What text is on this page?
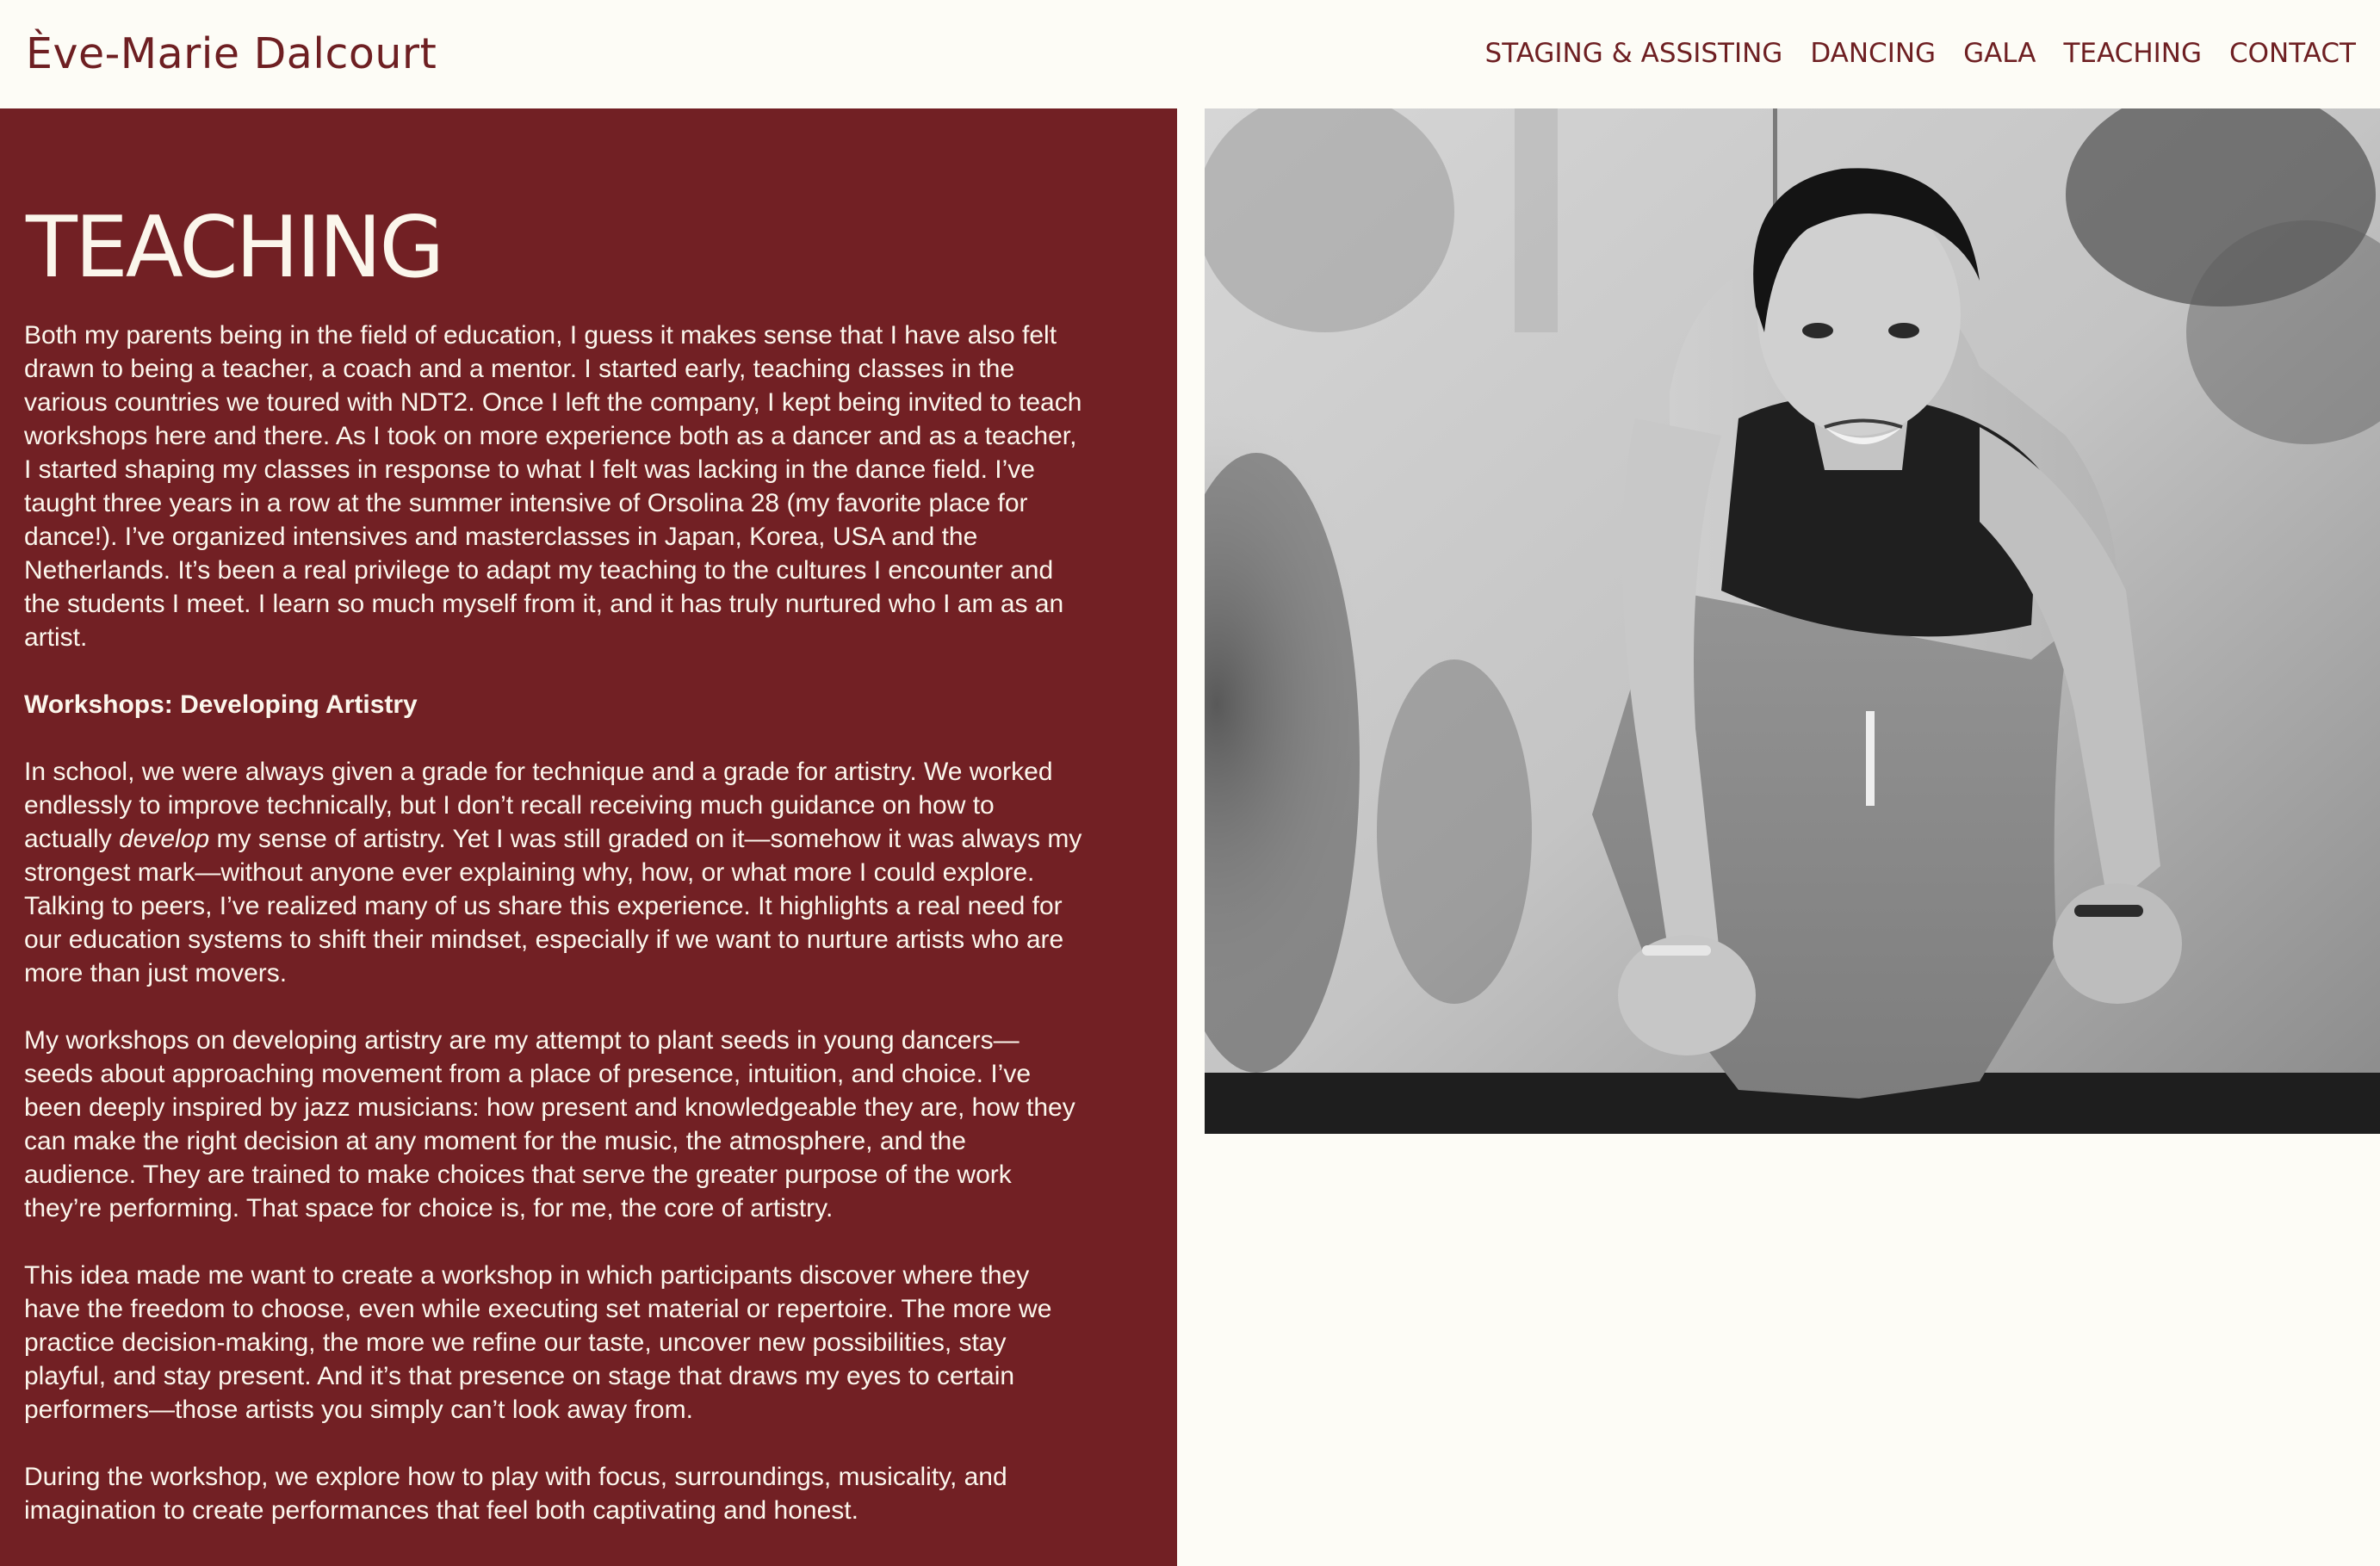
Ève-Marie Dalcourt	STAGING & ASSISTING DANCING GALA TEACHING CONTACT
TEACHING

Both my parents being in the field of education, I guess it makes sense that I have also felt drawn to being a teacher, a coach and a mentor. I started early, teaching classes in the various countries we toured with NDT2. Once I left the company, I kept being invited to teach workshops here and there. As I took on more experience both as a dancer and as a teacher, I started shaping my classes in response to what I felt was lacking in the dance field. I’ve taught three years in a row at the summer intensive of Orsolina 28 (my favorite place for dance!). I’ve organized intensives and masterclasses in Japan, Korea, USA and the Netherlands. It’s been a real privilege to adapt my teaching to the cultures I encounter and the students I meet. I learn so much myself from it, and it has truly nurtured who I am as an artist.

Workshops: Developing Artistry

In school, we were always given a grade for technique and a grade for artistry. We worked endlessly to improve technically, but I don’t recall receiving much guidance on how to actually develop my sense of artistry. Yet I was still graded on it—somehow it was always my strongest mark—without anyone ever explaining why, how, or what more I could explore. Talking to peers, I’ve realized many of us share this experience. It highlights a real need for our education systems to shift their mindset, especially if we want to nurture artists who are more than just movers.

My workshops on developing artistry are my attempt to plant seeds in young dancers—seeds about approaching movement from a place of presence, intuition, and choice. I’ve been deeply inspired by jazz musicians: how present and knowledgeable they are, how they can make the right decision at any moment for the music, the atmosphere, and the audience. They are trained to make choices that serve the greater purpose of the work they’re performing. That space for choice is, for me, the core of artistry.

This idea made me want to create a workshop in which participants discover where they have the freedom to choose, even while executing set material or repertoire. The more we practice decision-making, the more we refine our taste, uncover new possibilities, stay playful, and stay present. And it’s that presence on stage that draws my eyes to certain performers—those artists you simply can’t look away from.

During the workshop, we explore how to play with focus, surroundings, musicality, and imagination to create performances that feel both captivating and honest.
